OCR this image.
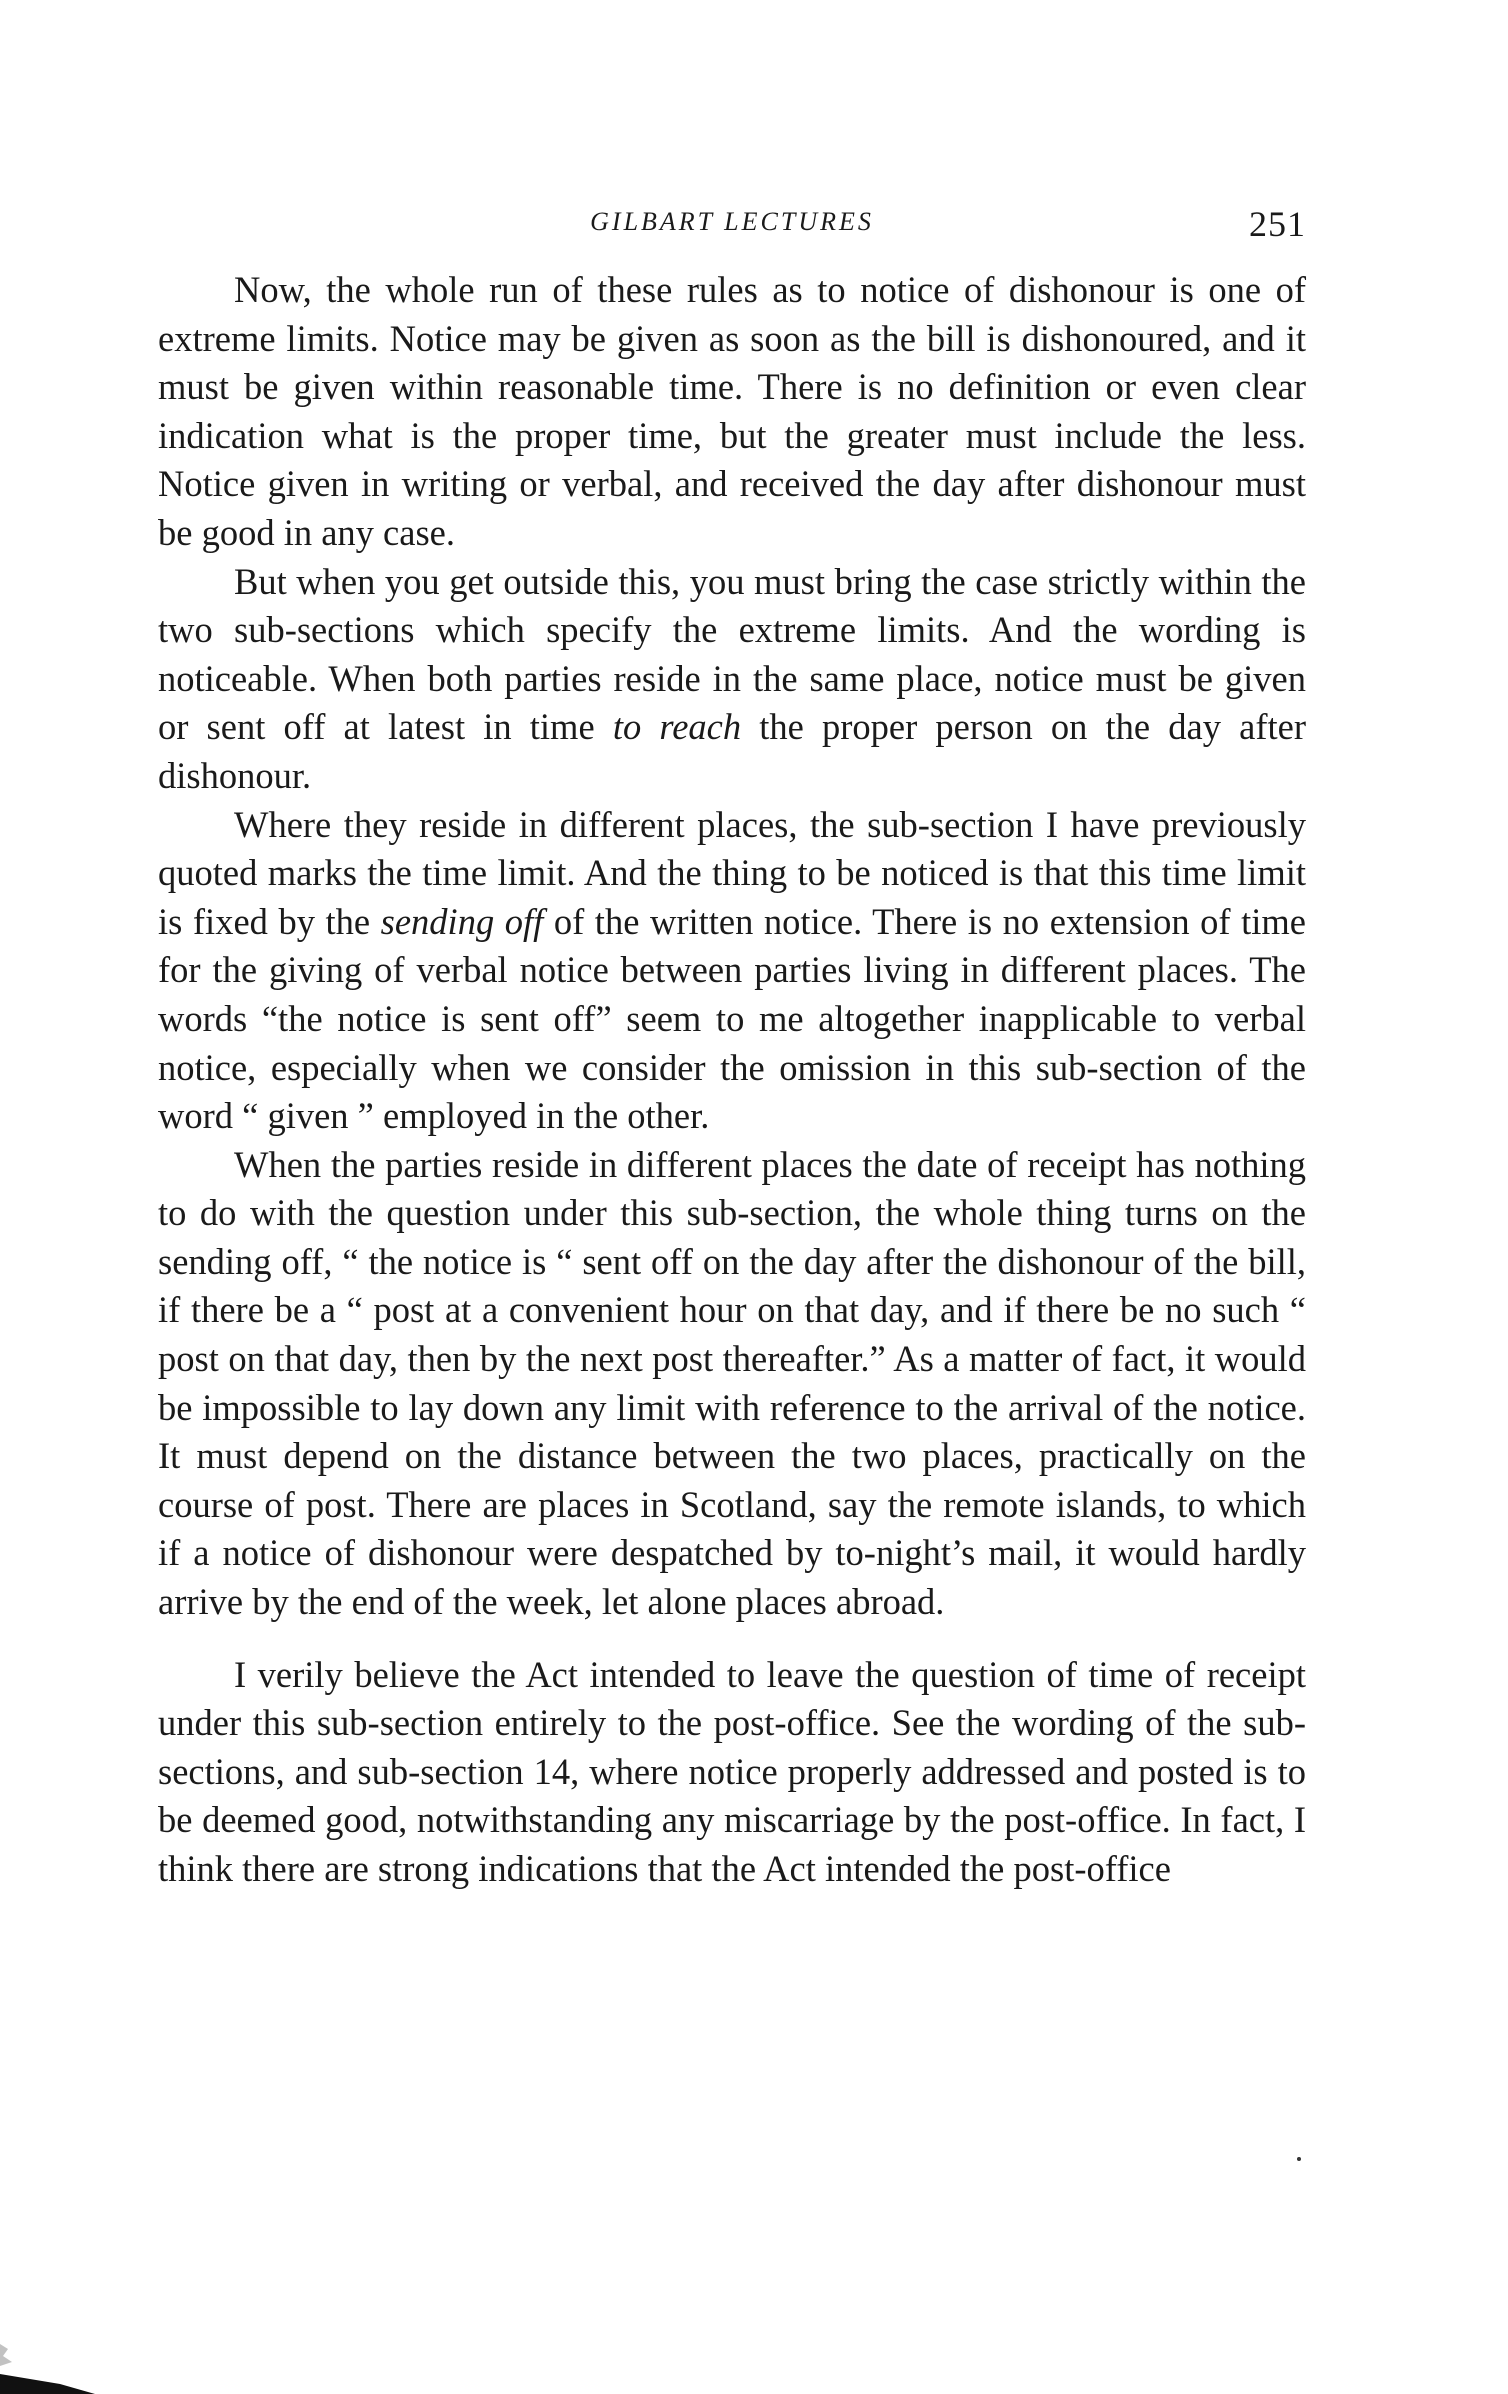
GILBART LECTURES	251

Now, the whole run of these rules as to notice of dishonour is one of extreme limits. Notice may be given as soon as the bill is dishonoured, and it must be given within reasonable time. There is no definition or even clear indication what is the proper time, but the greater must include the less. Notice given in writing or verbal, and received the day after dishonour must be good in any case.

But when you get outside this, you must bring the case strictly within the two sub-sections which specify the extreme limits. And the wording is noticeable. When both parties reside in the same place, notice must be given or sent off at latest in time to reach the proper person on the day after dishonour.

Where they reside in different places, the sub-section I have previously quoted marks the time limit. And the thing to be noticed is that this time limit is fixed by the sending off of the written notice. There is no extension of time for the giving of verbal notice between parties living in different places. The words “the notice is sent off” seem to me altogether inapplicable to verbal notice, especially when we consider the omission in this sub-section of the word “ given ” employed in the other.

When the parties reside in different places the date of receipt has nothing to do with the question under this sub-section, the whole thing turns on the sending off, “ the notice is “ sent off on the day after the dishonour of the bill, if there be a “ post at a convenient hour on that day, and if there be no such “ post on that day, then by the next post thereafter.” As a matter of fact, it would be impossible to lay down any limit with reference to the arrival of the notice. It must depend on the distance between the two places, practically on the course of post. There are places in Scotland, say the remote islands, to which if a notice of dishonour were despatched by to-night’s mail, it would hardly arrive by the end of the week, let alone places abroad.

I verily believe the Act intended to leave the question of time of receipt under this sub-section entirely to the post-office. See the wording of the sub-sections, and sub-section 14, where notice properly addressed and posted is to be deemed good, notwithstanding any miscarriage by the post-office. In fact, I think there are strong indications that the Act intended the post-office
